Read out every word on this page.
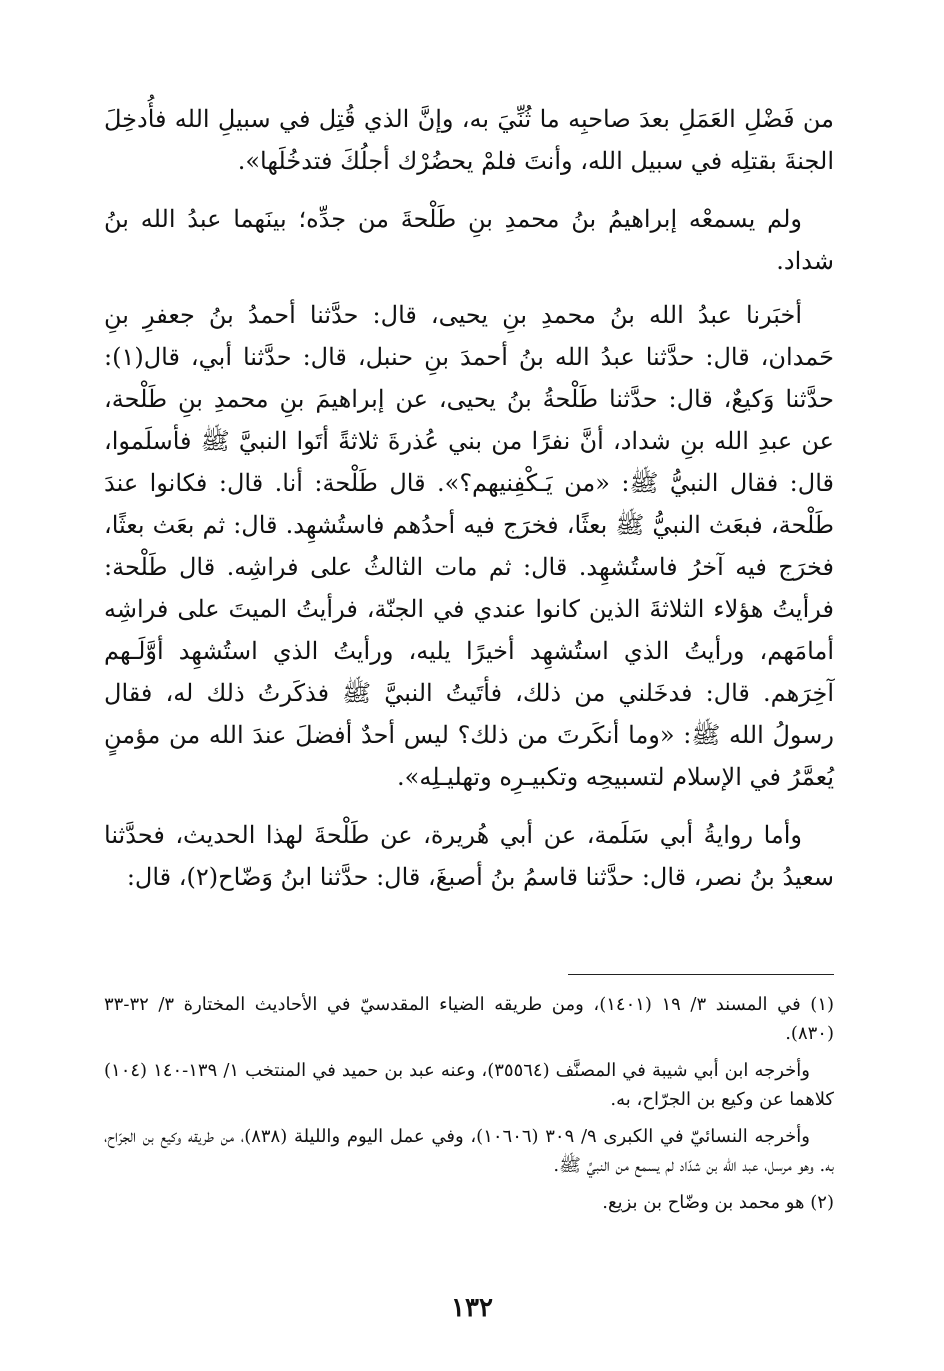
من فَضْلِ العَمَلِ بعدَ صاحبِه ما ثُنِّيَ به، وإنَّ الذي قُتِل في سبيلِ الله فأُدخِلَ الجنةَ بقتلِه في سبيل الله، وأنتَ فلمْ يحضُرْك أجلُكَ فتدخُلَها».

ولم يسمعْه إبراهيمُ بنُ محمدِ بنِ طَلْحةَ من جدِّه؛ بينَهما عبدُ الله بنُ شداد.

أخبَرنا عبدُ الله بنُ محمدِ بنِ يحيى، قال: حدَّثنا أحمدُ بنُ جعفرِ بنِ حَمدان، قال: حدَّثنا عبدُ الله بنُ أحمدَ بنِ حنبل، قال: حدَّثنا أبي، قال(١): حدَّثنا وَكيعٌ، قال: حدَّثنا طَلْحةُ بنُ يحيى، عن إبراهيمَ بنِ محمدِ بنِ طَلْحة، عن عبدِ الله بنِ شداد، أنَّ نفرًا من بني عُذرةَ ثلاثةً أتَوا النبيَّ ﷺ فأسلَموا، قال: فقال النبيُّ ﷺ: «من يَـكْفِنيهم؟». قال طَلْحة: أنا. قال: فكانوا عندَ طَلْحة، فبعَث النبيُّ ﷺ بعثًا، فخرَج فيه أحدُهم فاستُشهِد. قال: ثم بعَث بعثًا، فخرَج فيه آخرُ فاستُشهِد. قال: ثم مات الثالثُ على فراشِه. قال طَلْحة: فرأيتُ هؤلاء الثلاثةَ الذين كانوا عندي في الجنّة، فرأيتُ الميتَ على فراشِه أمامَهم، ورأيتُ الذي استُشهِد أخيرًا يليه، ورأيتُ الذي استُشهِد أوَّلَـهم آخِرَهم. قال: فدخَلني من ذلك، فأتَيتُ النبيَّ ﷺ فذكَرتُ ذلك له، فقال رسولُ الله ﷺ: «وما أنكَرتَ من ذلك؟ ليس أحدٌ أفضلَ عندَ الله من مؤمنٍ يُعمَّرُ في الإسلام لتسبيحِه وتكبيـرِه وتهليـلِه».

وأما روايةُ أبي سَلَمة، عن أبي هُريرة، عن طَلْحةَ لهذا الحديث، فحدَّثنا سعيدُ بنُ نصر، قال: حدَّثنا قاسمُ بنُ أصبغَ، قال: حدَّثنا ابنُ وَضّاح(٢)، قال:

(١) في المسند ٣/ ١٩ (١٤٠١)، ومن طريقه الضياء المقدسيّ في الأحاديث المختارة ٣/ ٣٢-٣٣ (٨٣٠).

وأخرجه ابن أبي شيبة في المصنَّف (٣٥٥٦٤)، وعنه عبد بن حميد في المنتخب ١/ ١٣٩-١٤٠ (١٠٤) كلاهما عن وكيع بن الجرّاح، به.

وأخرجه النسائيّ في الكبرى ٩/ ٣٠٩ (١٠٦٠٦)، وفي عمل اليوم والليلة (٨٣٨)، من طريقه وكيع بن الجرّاح، به. وهو مرسل، عبد الله بن شدّاد لم يسمع من النبيِّ ﷺ.

(٢) هو محمد بن وضّاح بن بزيع.

١٣٢
